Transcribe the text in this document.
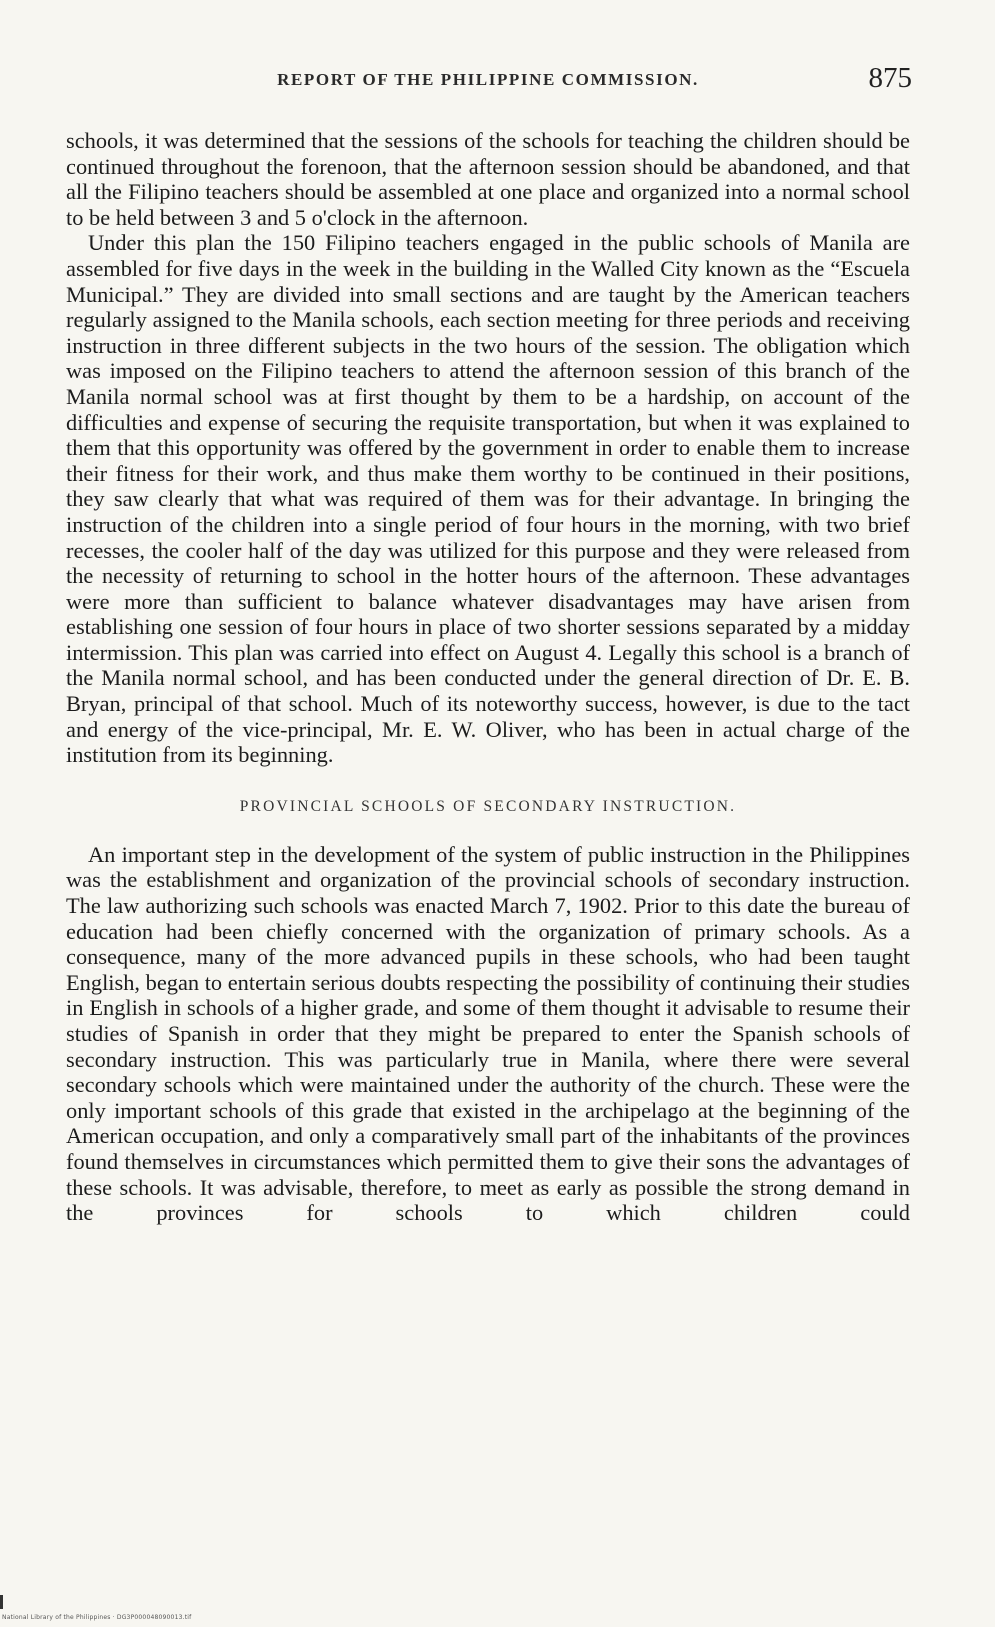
REPORT OF THE PHILIPPINE COMMISSION.	875

schools, it was determined that the sessions of the schools for teaching the children should be continued throughout the forenoon, that the afternoon session should be abandoned, and that all the Filipino teachers should be assembled at one place and organized into a normal school to be held between 3 and 5 o'clock in the afternoon.

Under this plan the 150 Filipino teachers engaged in the public schools of Manila are assembled for five days in the week in the building in the Walled City known as the “Escuela Municipal.” They are divided into small sections and are taught by the American teachers regularly assigned to the Manila schools, each section meeting for three periods and receiving instruction in three different subjects in the two hours of the session. The obligation which was imposed on the Filipino teachers to attend the afternoon session of this branch of the Manila normal school was at first thought by them to be a hardship, on account of the difficulties and expense of securing the requisite transportation, but when it was explained to them that this opportunity was offered by the government in order to enable them to increase their fitness for their work, and thus make them worthy to be continued in their positions, they saw clearly that what was required of them was for their advantage. In bringing the instruction of the children into a single period of four hours in the morning, with two brief recesses, the cooler half of the day was utilized for this purpose and they were released from the necessity of returning to school in the hotter hours of the afternoon. These advantages were more than sufficient to balance whatever disadvantages may have arisen from establishing one session of four hours in place of two shorter sessions separated by a midday intermission. This plan was carried into effect on August 4. Legally this school is a branch of the Manila normal school, and has been conducted under the general direction of Dr. E. B. Bryan, principal of that school. Much of its noteworthy success, however, is due to the tact and energy of the vice-principal, Mr. E. W. Oliver, who has been in actual charge of the institution from its beginning.

PROVINCIAL SCHOOLS OF SECONDARY INSTRUCTION.

An important step in the development of the system of public instruction in the Philippines was the establishment and organization of the provincial schools of secondary instruction. The law authorizing such schools was enacted March 7, 1902. Prior to this date the bureau of education had been chiefly concerned with the organization of primary schools. As a consequence, many of the more advanced pupils in these schools, who had been taught English, began to entertain serious doubts respecting the possibility of continuing their studies in English in schools of a higher grade, and some of them thought it advisable to resume their studies of Spanish in order that they might be prepared to enter the Spanish schools of secondary instruction. This was particularly true in Manila, where there were several secondary schools which were maintained under the authority of the church. These were the only important schools of this grade that existed in the archipelago at the beginning of the American occupation, and only a comparatively small part of the inhabitants of the provinces found themselves in circumstances which permitted them to give their sons the advantages of these schools. It was advisable, therefore, to meet as early as possible the strong demand in the provinces for schools to which children could

National Library of the Philippines · DG3P000048090013.tif
